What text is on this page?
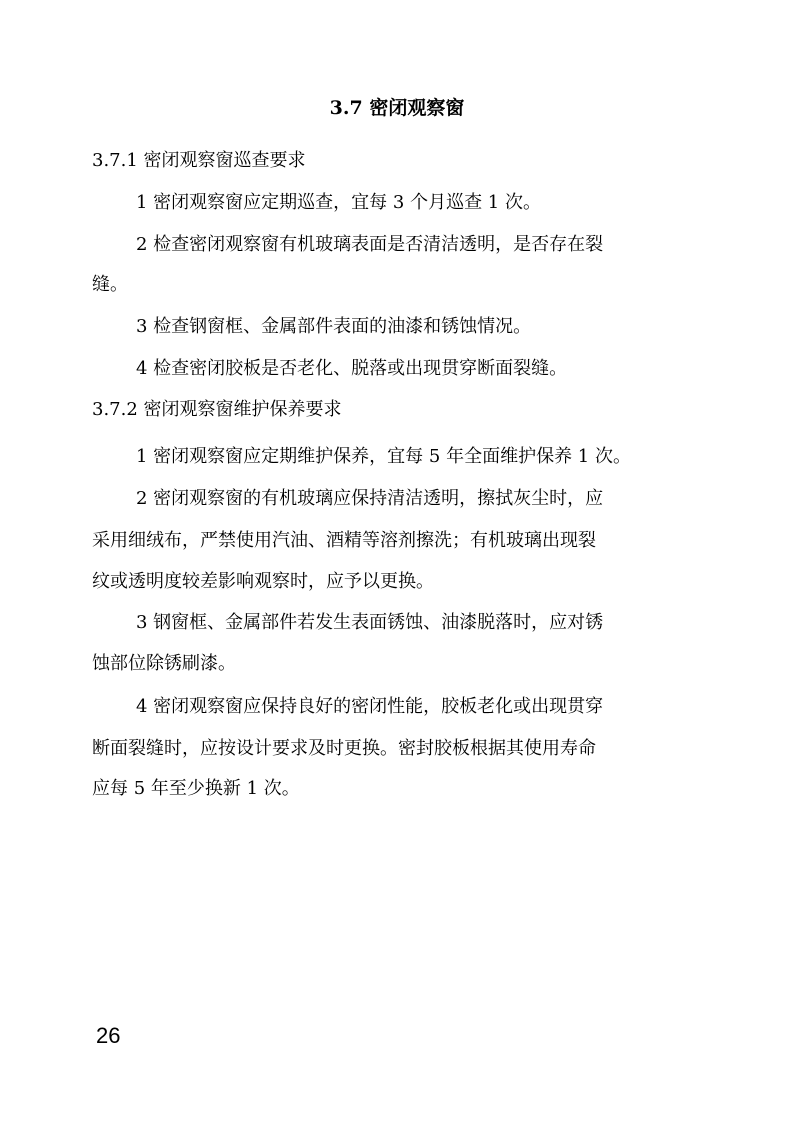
3.7 密闭观察窗
3.7.1 密闭观察窗巡查要求
1 密闭观察窗应定期巡查，宜每 3 个月巡查 1 次。
2 检查密闭观察窗有机玻璃表面是否清洁透明，是否存在裂
缝。
3 检查钢窗框、金属部件表面的油漆和锈蚀情况。
4 检查密闭胶板是否老化、脱落或出现贯穿断面裂缝。
3.7.2 密闭观察窗维护保养要求
1 密闭观察窗应定期维护保养，宜每 5 年全面维护保养 1 次。
2 密闭观察窗的有机玻璃应保持清洁透明，擦拭灰尘时，应
采用细绒布，严禁使用汽油、酒精等溶剂擦洗；有机玻璃出现裂
纹或透明度较差影响观察时，应予以更换。
3 钢窗框、金属部件若发生表面锈蚀、油漆脱落时，应对锈
蚀部位除锈刷漆。
4 密闭观察窗应保持良好的密闭性能，胶板老化或出现贯穿
断面裂缝时，应按设计要求及时更换。密封胶板根据其使用寿命
应每 5 年至少换新 1 次。
26
